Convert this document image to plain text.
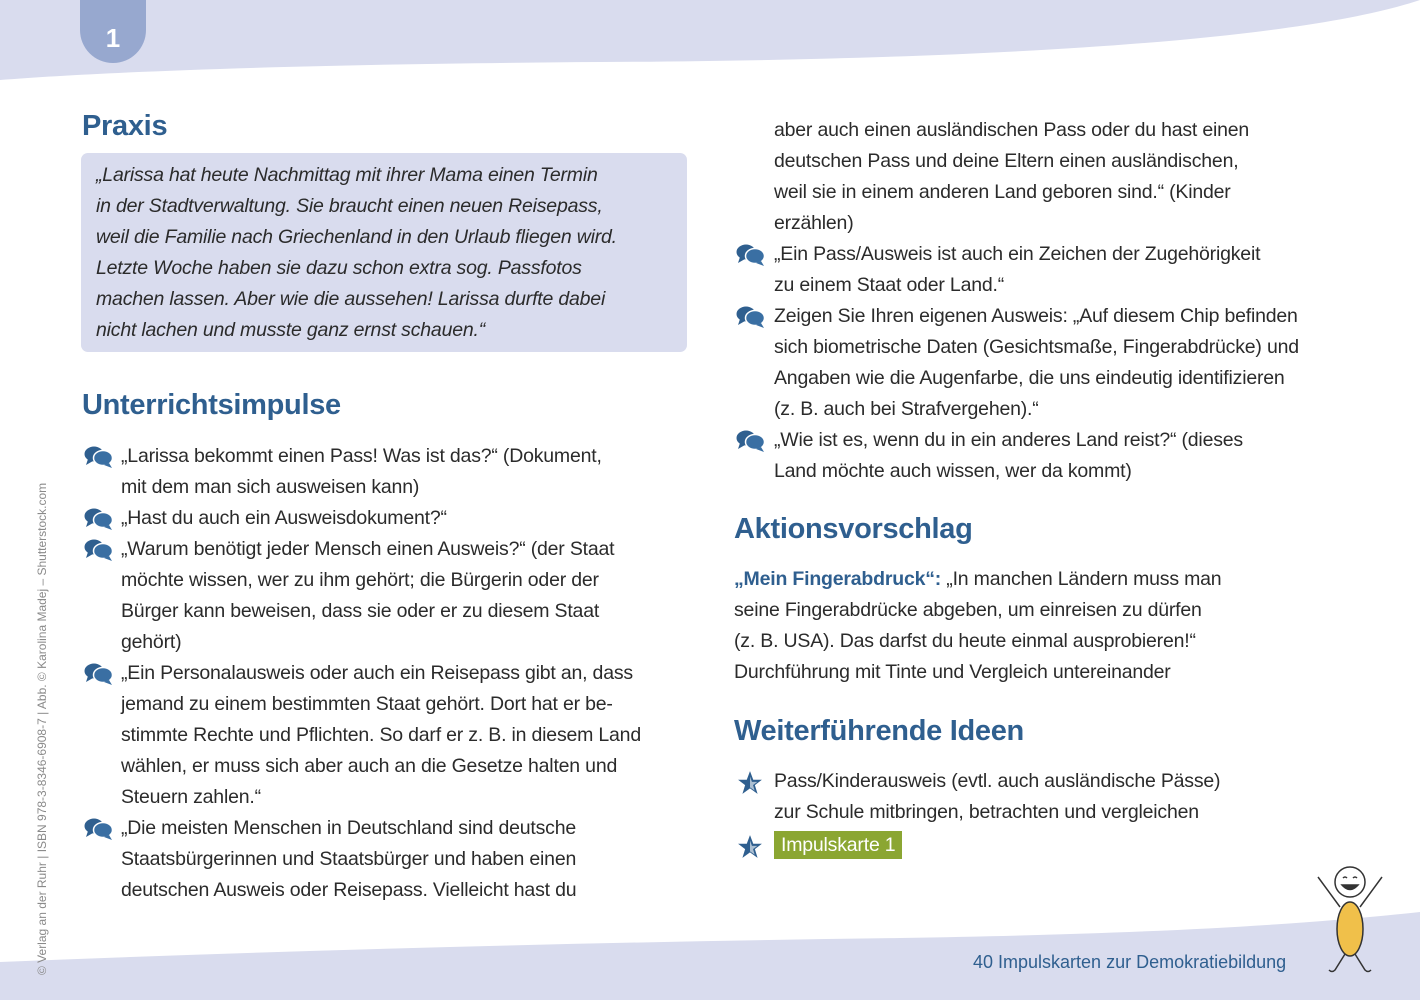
1
Praxis
„Larissa hat heute Nachmittag mit ihrer Mama einen Termin
in der Stadtverwaltung. Sie braucht einen neuen Reisepass,
weil die Familie nach Griechenland in den Urlaub fliegen wird.
Letzte Woche haben sie dazu schon extra sog. Passfotos
machen lassen. Aber wie die aussehen! Larissa durfte dabei
nicht lachen und musste ganz ernst schauen.“
Unterrichtsimpulse
„Larissa bekommt einen Pass! Was ist das?“ (Dokument,
mit dem man sich ausweisen kann)
„Hast du auch ein Ausweisdokument?“
„Warum benötigt jeder Mensch einen Ausweis?“ (der Staat
möchte wissen, wer zu ihm gehört; die Bürgerin oder der
Bürger kann beweisen, dass sie oder er zu diesem Staat
gehört)
„Ein Personalausweis oder auch ein Reisepass gibt an, dass
jemand zu einem bestimmten Staat gehört. Dort hat er be-
stimmte Rechte und Pflichten. So darf er z. B. in diesem Land
wählen, er muss sich aber auch an die Gesetze halten und
Steuern zahlen.“
„Die meisten Menschen in Deutschland sind deutsche
Staatsbürgerinnen und Staatsbürger und haben einen
deutschen Ausweis oder Reisepass. Vielleicht hast du
aber auch einen ausländischen Pass oder du hast einen
deutschen Pass und deine Eltern einen ausländischen,
weil sie in einem anderen Land geboren sind.“ (Kinder
erzählen)
„Ein Pass/Ausweis ist auch ein Zeichen der Zugehörigkeit
zu einem Staat oder Land.“
Zeigen Sie Ihren eigenen Ausweis: „Auf diesem Chip befinden
sich biometrische Daten (Gesichtsmaße, Fingerabdrücke) und
Angaben wie die Augenfarbe, die uns eindeutig identifizieren
(z. B. auch bei Strafvergehen).“
„Wie ist es, wenn du in ein anderes Land reist?“ (dieses
Land möchte auch wissen, wer da kommt)
Aktionsvorschlag
„Mein Fingerabdruck“: „In manchen Ländern muss man
seine Fingerabdrücke abgeben, um einreisen zu dürfen
(z. B. USA). Das darfst du heute einmal ausprobieren!“
Durchführung mit Tinte und Vergleich untereinander
Weiterführende Ideen
Pass/Kinderausweis (evtl. auch ausländische Pässe)
zur Schule mitbringen, betrachten und vergleichen
Impulskarte 1
© Verlag an der Ruhr | ISBN 978-3-8346-6908-7 | Abb. © Karolina Madej – Shutterstock.com	40 Impulskarten zur Demokratiebildung
